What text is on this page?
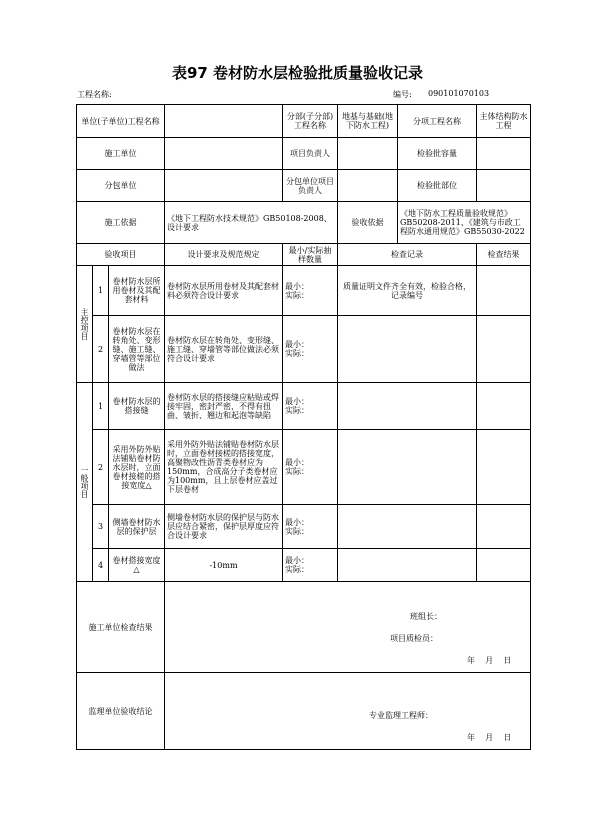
表97 卷材防水层检验批质量验收记录
工程名称:	编号: 090101070103
单位(子单位)工程名称				分部(子分部)工程名称	地基与基础(地下防水工程)	分项工程名称	主体结构防水工程
施工单位				项目负责人		检验批容量	
分包单位				分包单位项目负责人		检验批部位	
施工依据			《地下工程防水技术规范》GB50108-2008、设计要求		验收依据	《地下防水工程质量验收规范》GB50208-2011、《建筑与市政工程防水通用规范》GB55030-2022	
验收项目			设计要求及规范规定	最小/实际抽样数量	检查记录		检查结果

主控项目	1	卷材防水层所用卷材及其配套材料	卷材防水层所用卷材及其配套材料必须符合设计要求	最小：
实际：	质量证明文件齐全有效，检验合格，记录编号		
	2	卷材防水层在转角处、变形缝、施工缝、穿墙管等部位做法	卷材防水层在转角处、变形缝、施工缝、穿墙管等部位做法必须符合设计要求	最小：
实际：			

一般项目	1	卷材防水层的搭接缝	卷材防水层的搭接缝应粘贴或焊接牢固，密封严密，不得有扭曲、皱折、翘边和起泡等缺陷	最小：
实际：			

	2	采用外防外贴法铺贴卷材防水层时，立面卷材接槎的搭接宽度△	采用外防外贴法铺贴卷材防水层时，立面卷材接槎的搭接宽度，高聚物改性沥青类卷材应为150mm，合成高分子类卷材应为100mm，且上层卷材应盖过下层卷材	最小：
实际：			

	3	侧墙卷材防水层的保护层	侧墙卷材防水层的保护层与防水层应结合紧密，保护层厚度应符合设计要求	最小：
实际：			

	4	卷材搭接宽度△	-10mm	最小：
实际：			

施工单位检查结果			班组长：
项目质检员：
年    月    日				

监理单位验收结论			专业监理工程师：
年    月    日				
